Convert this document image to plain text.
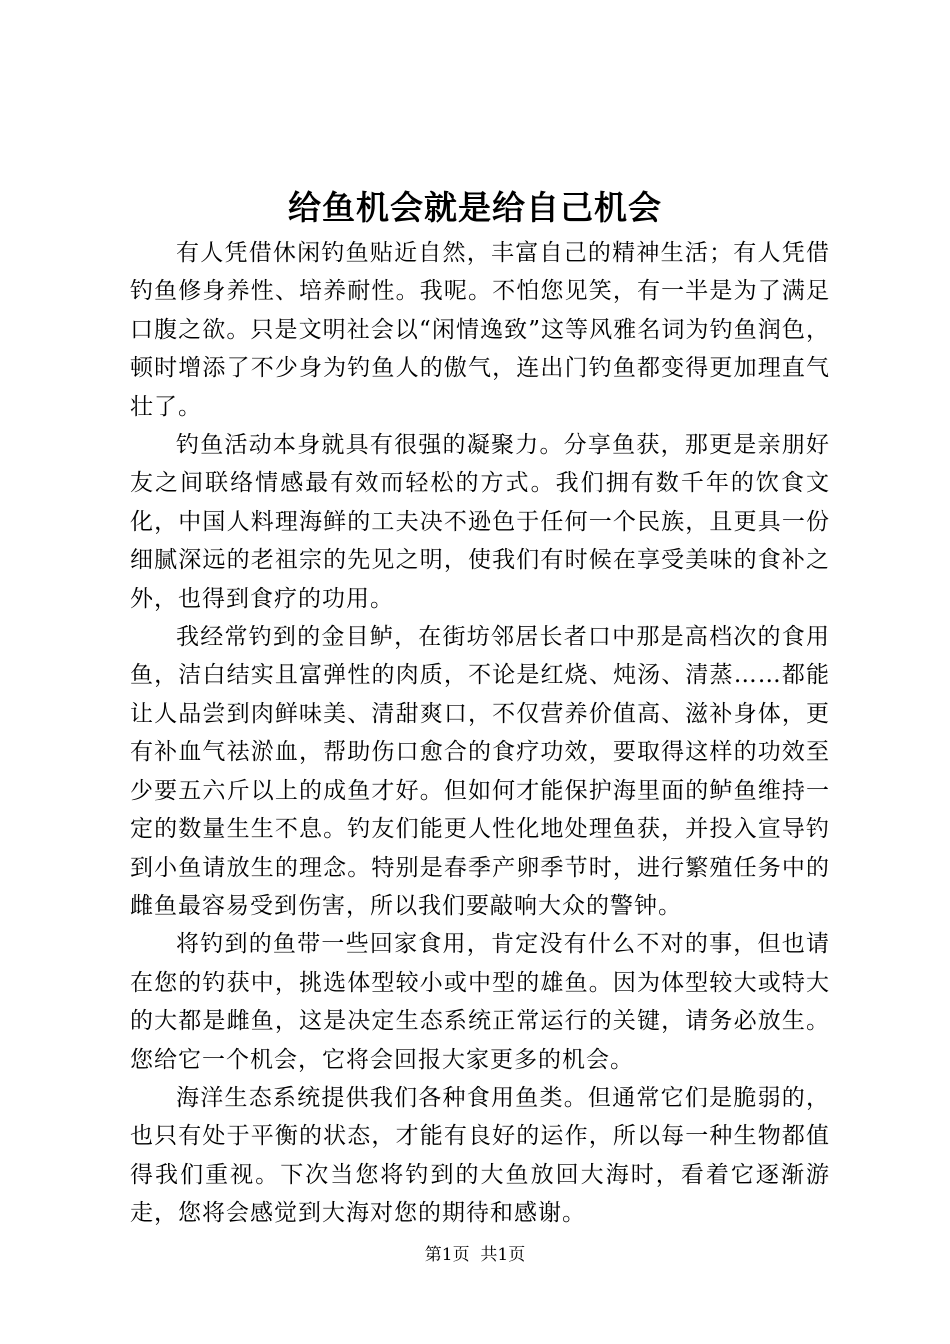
给鱼机会就是给自己机会

有人凭借休闲钓鱼贴近自然，丰富自己的精神生活；有人凭借钓鱼修身养性、培养耐性。我呢。不怕您见笑，有一半是为了满足口腹之欲。只是文明社会以“闲情逸致”这等风雅名词为钓鱼润色，顿时增添了不少身为钓鱼人的傲气，连出门钓鱼都变得更加理直气壮了。

钓鱼活动本身就具有很强的凝聚力。分享鱼获，那更是亲朋好友之间联络情感最有效而轻松的方式。我们拥有数千年的饮食文化，中国人料理海鲜的工夫决不逊色于任何一个民族，且更具一份细腻深远的老祖宗的先见之明，使我们有时候在享受美味的食补之外，也得到食疗的功用。

我经常钓到的金目鲈，在街坊邻居长者口中那是高档次的食用鱼，洁白结实且富弹性的肉质，不论是红烧、炖汤、清蒸……都能让人品尝到肉鲜味美、清甜爽口，不仅营养价值高、滋补身体，更有补血气祛淤血，帮助伤口愈合的食疗功效，要取得这样的功效至少要五六斤以上的成鱼才好。但如何才能保护海里面的鲈鱼维持一定的数量生生不息。钓友们能更人性化地处理鱼获，并投入宣导钓到小鱼请放生的理念。特别是春季产卵季节时，进行繁殖任务中的雌鱼最容易受到伤害，所以我们要敲响大众的警钟。

将钓到的鱼带一些回家食用，肯定没有什么不对的事，但也请在您的钓获中，挑选体型较小或中型的雄鱼。因为体型较大或特大的大都是雌鱼，这是决定生态系统正常运行的关键，请务必放生。您给它一个机会，它将会回报大家更多的机会。

海洋生态系统提供我们各种食用鱼类。但通常它们是脆弱的，也只有处于平衡的状态，才能有良好的运作，所以每一种生物都值得我们重视。下次当您将钓到的大鱼放回大海时，看着它逐渐游走，您将会感觉到大海对您的期待和感谢。

第1页  共1页
